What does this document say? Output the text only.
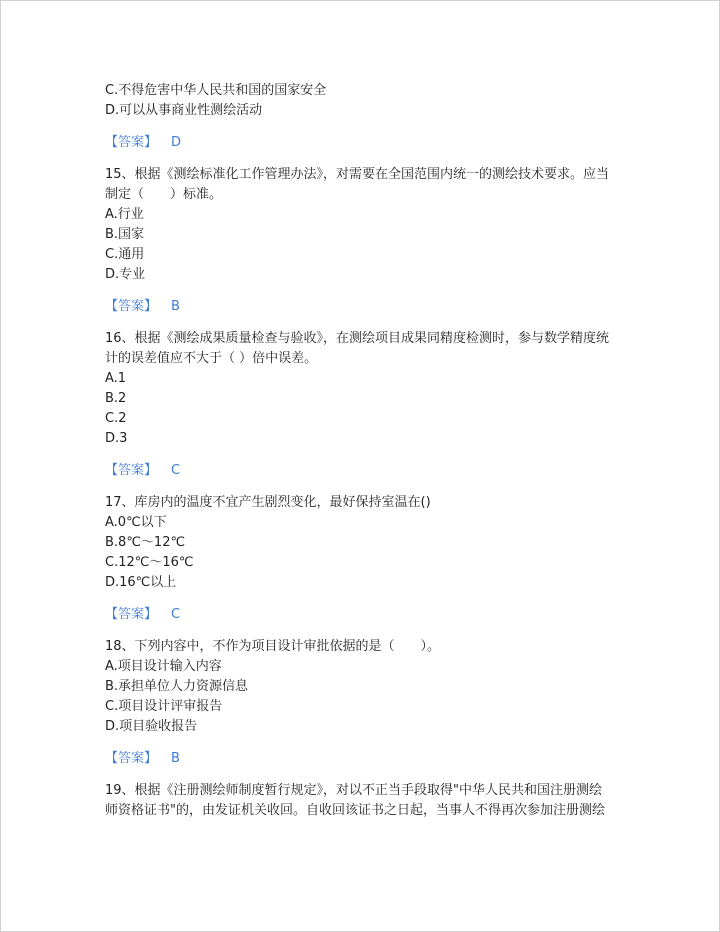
C.不得危害中华人民共和国的国家安全
D.可以从事商业性测绘活动
【答案】 D
15、根据《测绘标准化工作管理办法》，对需要在全国范围内统一的测绘技术要求。应当
制定（　　）标准。
A.行业
B.国家
C.通用
D.专业
【答案】 B
16、根据《测绘成果质量检查与验收》，在测绘项目成果同精度检测时，参与数学精度统
计的误差值应不大于（ ）倍中误差。
A.1
B.2
C.2
D.3
【答案】 C
17、库房内的温度不宜产生剧烈变化，最好保持室温在()
A.0℃以下
B.8℃～12℃
C.12℃～16℃
D.16℃以上
【答案】 C
18、下列内容中，不作为项目设计审批依据的是（　　）。
A.项目设计输入内容
B.承担单位人力资源信息
C.项目设计评审报告
D.项目验收报告
【答案】 B
19、根据《注册测绘师制度暂行规定》，对以不正当手段取得"中华人民共和国注册测绘
师资格证书"的，由发证机关收回。自收回该证书之日起，当事人不得再次参加注册测绘
